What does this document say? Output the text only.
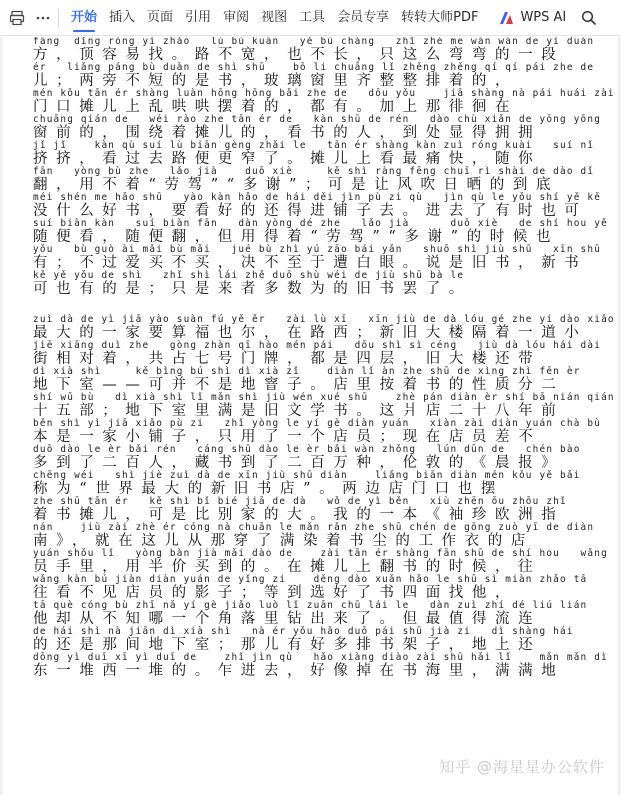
开始 插入 页面 引用 审阅 视图 工具 会员专享 转转大师PDF	WPS AI
fāng  dǐng róng yì zhǎo   lù bù kuān   yě bù cháng   zhǐ zhè me wān wān de yí duàn
方，顶容易找。路不宽，也不长，只这么弯弯的一段
ér   liǎng páng bù duàn de shì shū    bō li chuāng lǐ zhěng zhěng qí qí pái zhe de
儿；两旁不短的是书，玻璃窗里齐整整排着的，
mén kǒu tān ér shàng luàn hōng hōng bǎi zhe de   dōu yǒu    jiā shàng nà pái huái zài
门口摊儿上乱哄哄摆着的，都有。加上那徘徊在
chuāng qián de   wéi rào zhe tān ér de   kàn shū de rén   dào chù xiǎn de yōng yōng
窗前的，围绕着摊儿的，看书的人，到处显得拥拥
jǐ jǐ    kàn qù suí lù biān gèng zhǎi le   tān ér shàng kàn zuì róng kuài   suí nǐ
挤挤，看过去路便更窄了。摊儿上看最痛快，随你
fān   yòng bù zhe   lǎo jià    duō xiè     kě shì ràng fēng chuī rì shài de dào dǐ
翻，用不着“劳驾”“多谢”；可是让风吹日晒的到底
méi shén me hǎo shū   yào kàn hǎo de hái děi jìn pù zi qù   jìn qù le yǒu shí yě kě
没什么好书，要看好的还得进铺子去。进去了有时也可
suí biàn kàn   suí biàn fān   dàn yòng dé zhe   lǎo jià      duō xiè   de shí hou yě
随便看，随便翻，但用得着“劳驾”“多谢”的时候也
yǒu   bù guò ài mǎi bù mǎi   jué bù zhì yú zāo bái yǎn   shuō shì jiù shū   xīn shū
有；不过爱买不买，决不至于遭白眼。说是旧书，新书
kě yě yǒu de shì   zhǐ shì lái zhě duō shù wéi de jiù shū bà le
可也有的是；只是来者多数为的旧书罢了。
zuì dà de yì jiā yào suàn fú yě ěr   zài lù xī   xīn jiù de dà lóu gé zhe yí dào xiǎo
最大的一家要算福也尔，在路西；新旧大楼隔着一道小
jiē xiāng duì zhe   gòng zhàn qī hào mén pái   dōu shì sì céng   jiù dà lóu hái dài
街相对着，共占七号门牌，都是四层，旧大楼还带
dì xià shì     kě bìng bú shì dì xià zǐ    diàn lǐ àn zhe shū de xìng zhì fēn èr
地下室——可并不是地窨子。店里按着书的性质分二
shí wǔ bù   dì xià shì lǐ mǎn shì jiù wén xué shū    zhè pán diàn èr shí bā nián qián
十五部；地下室里满是旧文学书。这爿店二十八年前
běn shì yì jiā xiǎo pù zi   zhǐ yòng le yí gè diàn yuán   xiàn zài diàn yuán chà bù
本是一家小铺子，只用了一个店员；现在店员差不
duō dào le èr bǎi rén   cáng shū dào le èr bǎi wàn zhǒng   lún dūn de   chén bào
多到了二百人，藏书到了二百万种，伦敦的《晨报》
chēng wéi   shì jiè zuì dà de xīn jiù shū diàn    liǎng biān diàn mén kǒu yě bǎi
称为“世界最大的新旧书店”。两边店门口也摆
zhe shū tān ér   kě shì bǐ bié jiā de dà   wǒ de yì běn   xiù zhēn ōu zhōu zhǐ
着书摊儿，可是比别家的大。我的一本《袖珍欧洲指
nán    jiù zài zhè ér cóng nà chuān le mǎn rǎn zhe shū chén de gōng zuò yī de diàn
南》，就在这儿从那穿了满染着书尘的工作衣的店
yuán shǒu lǐ   yòng bàn jià mǎi dào de    zài tān ér shàng fān shū de shí hou   wǎng
员手里，用半价买到的。在摊儿上翻书的时候，往
wǎng kàn bú jiàn diàn yuán de yǐng zi    děng dào xuǎn hǎo le shū sì miàn zhǎo tā
往看不见店员的影子；等到选好了书四面找他，
tā què cóng bù zhī nǎ yí gè jiǎo luò lǐ zuān chū lái le   dàn zuì zhí dé liú lián
他却从不知哪一个角落里钻出来了。但最值得流连
de hái shì nà jiān dì xià shì   nà ér yǒu hǎo duō pái shū jià zi   dì shàng hái
的还是那间地下室；那儿有好多排书架子，地上还
dōng yì duī xī yì duī de    zhǐ jìn qù   hǎo xiàng diào zài shū hǎi lǐ    mǎn mǎn dì
东一堆西一堆的。乍进去，好像掉在书海里，满满地
知乎 @海星星办公软件
